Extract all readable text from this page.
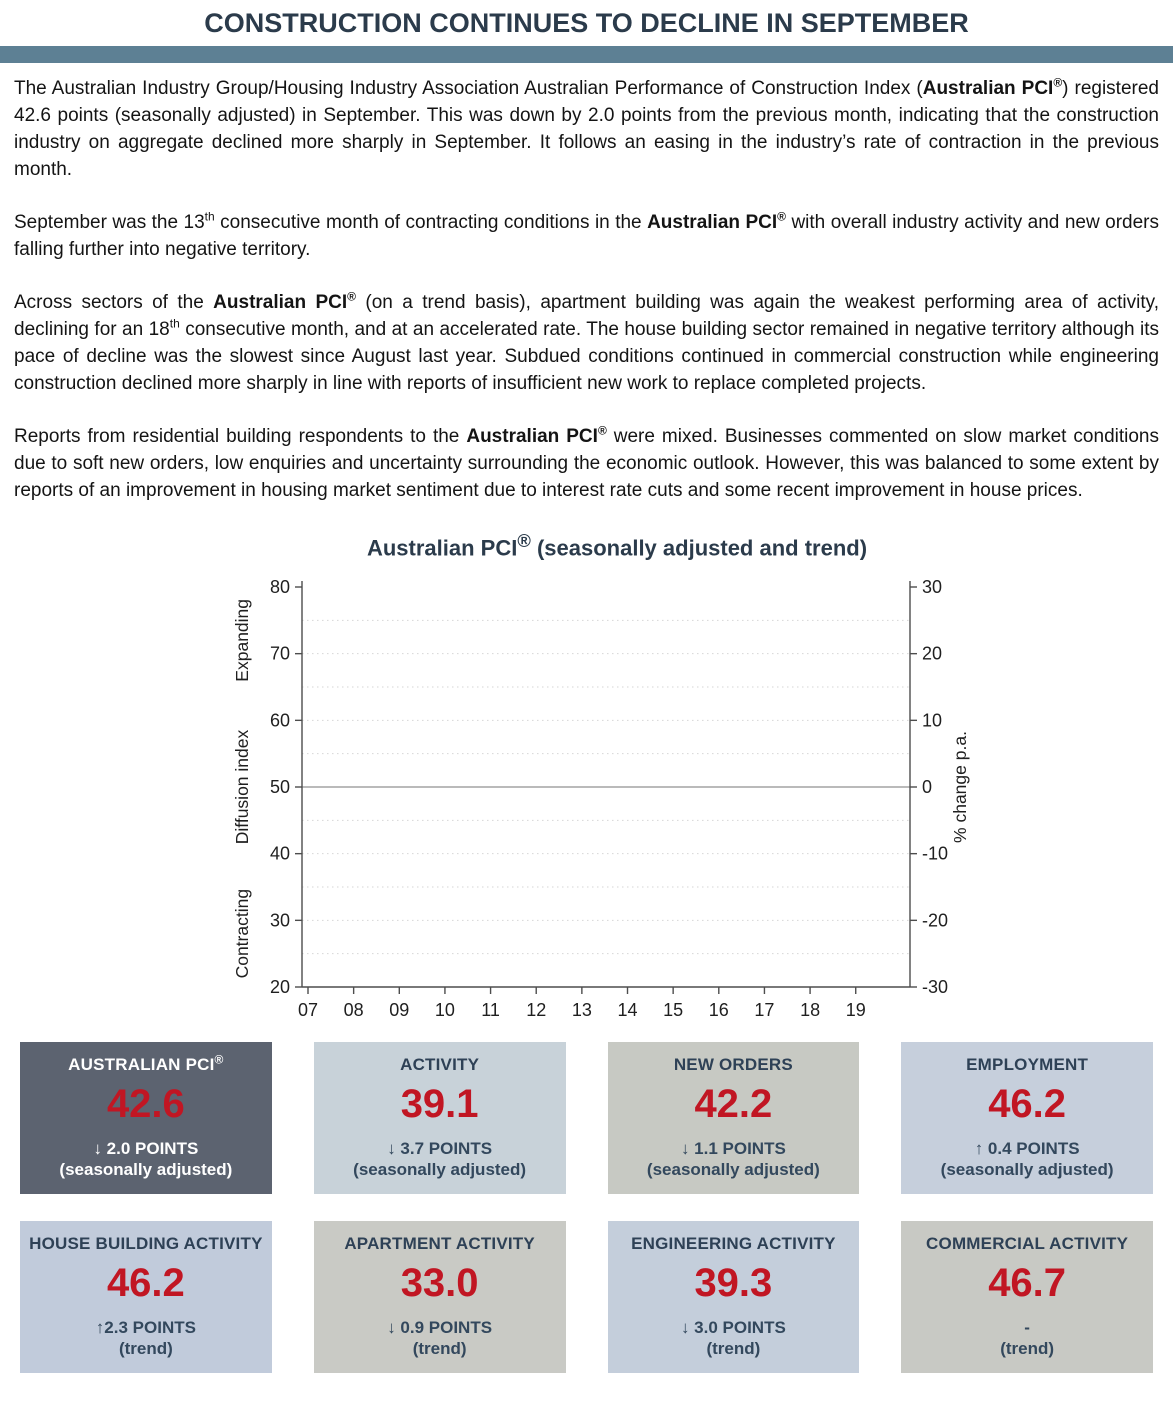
CONSTRUCTION CONTINUES TO DECLINE IN SEPTEMBER

The Australian Industry Group/Housing Industry Association Australian Performance of Construction Index (Australian PCI®) registered 42.6 points (seasonally adjusted) in September. This was down by 2.0 points from the previous month, indicating that the construction industry on aggregate declined more sharply in September. It follows an easing in the industry’s rate of contraction in the previous month.

September was the 13th consecutive month of contracting conditions in the Australian PCI® with overall industry activity and new orders falling further into negative territory.

Across sectors of the Australian PCI® (on a trend basis), apartment building was again the weakest performing area of activity, declining for an 18th consecutive month, and at an accelerated rate. The house building sector remained in negative territory although its pace of decline was the slowest since August last year. Subdued conditions continued in commercial construction while engineering construction declined more sharply in line with reports of insufficient new work to replace completed projects.

Reports from residential building respondents to the Australian PCI® were mixed. Businesses commented on slow market conditions due to soft new orders, low enquiries and uncertainty surrounding the economic outlook. However, this was balanced to some extent by reports of an improvement in housing market sentiment due to interest rate cuts and some recent improvement in house prices.

Australian PCI® (seasonally adjusted and trend)
80
70
60
50
40
30
20
30
20
10
0
-10
-20
-30
07 08 09 10 11 12 13 14 15 16 17 18 19
Expanding
Diffusion index
Contracting
% change p.a.
AUSTRALIAN PCI®
42.6
↓ 2.0 POINTS
(seasonally adjusted)
ACTIVITY
39.1
↓ 3.7 POINTS
(seasonally adjusted)
NEW ORDERS
42.2
↓ 1.1 POINTS
(seasonally adjusted)
EMPLOYMENT
46.2
↑ 0.4 POINTS
(seasonally adjusted)
HOUSE BUILDING ACTIVITY
46.2
↑2.3 POINTS
(trend)
APARTMENT ACTIVITY
33.0
↓ 0.9 POINTS
(trend)
ENGINEERING ACTIVITY
39.3
↓ 3.0 POINTS
(trend)
COMMERCIAL ACTIVITY
46.7
-
(trend)
